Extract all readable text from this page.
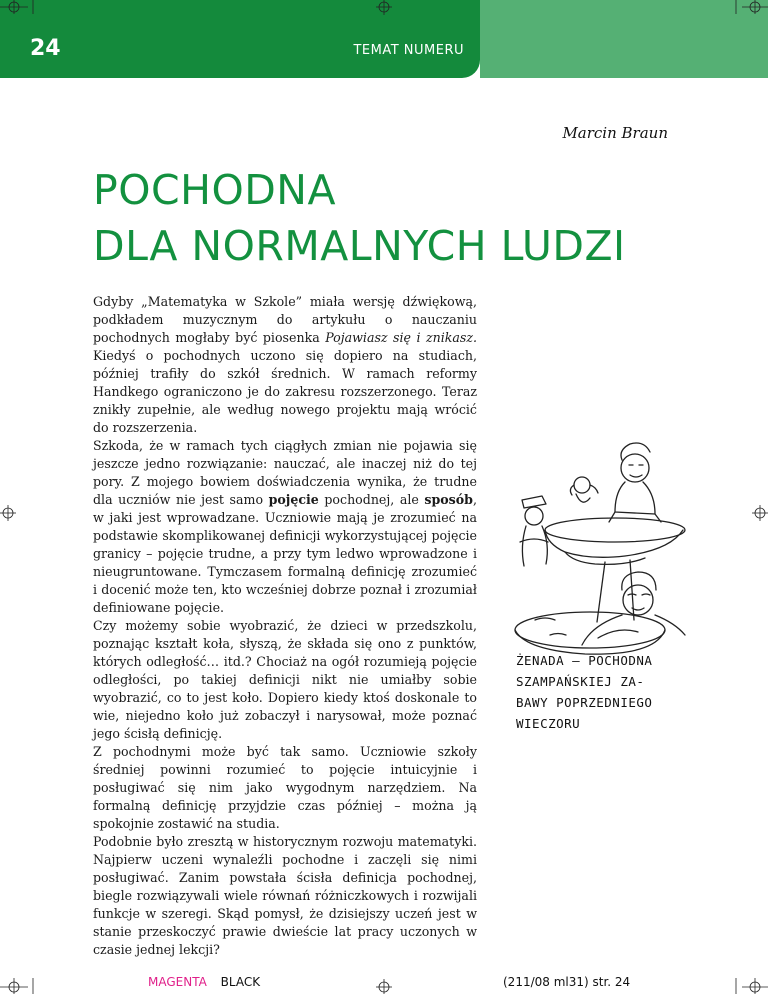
24	TEMAT NUMERU
Marcin Braun
POCHODNA
DLA NORMALNYCH LUDZI

Gdyby „Matematyka w Szkole” miała wersję dźwiękową, podkładem muzycznym do artykułu o nauczaniu pochodnych mogłaby być piosenka Pojawiasz się i znikasz. Kiedyś o pochodnych uczono się dopiero na studiach, później trafiły do szkół średnich. W ramach reformy Handkego ograniczono je do zakresu rozszerzonego. Teraz znikły zupełnie, ale według nowego projektu mają wrócić do rozszerzenia.

Szkoda, że w ramach tych ciągłych zmian nie pojawia się jeszcze jedno rozwiązanie: nauczać, ale inaczej niż do tej pory. Z mojego bowiem doświadczenia wynika, że trudne dla uczniów nie jest samo pojęcie pochodnej, ale sposób, w jaki jest wprowadzane. Uczniowie mają je zrozumieć na podstawie skomplikowanej definicji wykorzystującej pojęcie granicy – pojęcie trudne, a przy tym ledwo wprowadzone i nieugruntowane. Tymczasem formalną definicję zrozumieć i docenić może ten, kto wcześniej dobrze poznał i zrozumiał definiowane pojęcie.

Czy możemy sobie wyobrazić, że dzieci w przedszkolu, poznając kształt koła, słyszą, że składa się ono z punktów, których odległość… itd.? Chociaż na ogół rozumieją pojęcie odległości, po takiej definicji nikt nie umiałby sobie wyobrazić, co to jest koło. Dopiero kiedy ktoś doskonale to wie, niejedno koło już zobaczył i narysował, może poznać jego ścisłą definicję.

Z pochodnymi może być tak samo. Uczniowie szkoły średniej powinni rozumieć to pojęcie intuicyjnie i posługiwać się nim jako wygodnym narzędziem. Na formalną definicję przyjdzie czas później – można ją spokojnie zostawić na studia.

Podobnie było zresztą w historycznym rozwoju matematyki. Najpierw uczeni wynaleźli pochodne i zaczęli się nimi posługiwać. Zanim powstała ścisła definicja pochodnej, biegle rozwiązywali wiele równań różniczkowych i rozwijali funkcje w szeregi. Skąd pomysł, że dzisiejszy uczeń jest w stanie przeskoczyć prawie dwieście lat pracy uczonych w czasie jednej lekcji?

ŻENADA – POCHODNA
SZAMPAŃSKIEJ ZA-
BAWY POPRZEDNIEGO
WIECZORU
MAGENTA BLACK	(211/08 ml31) str. 24
